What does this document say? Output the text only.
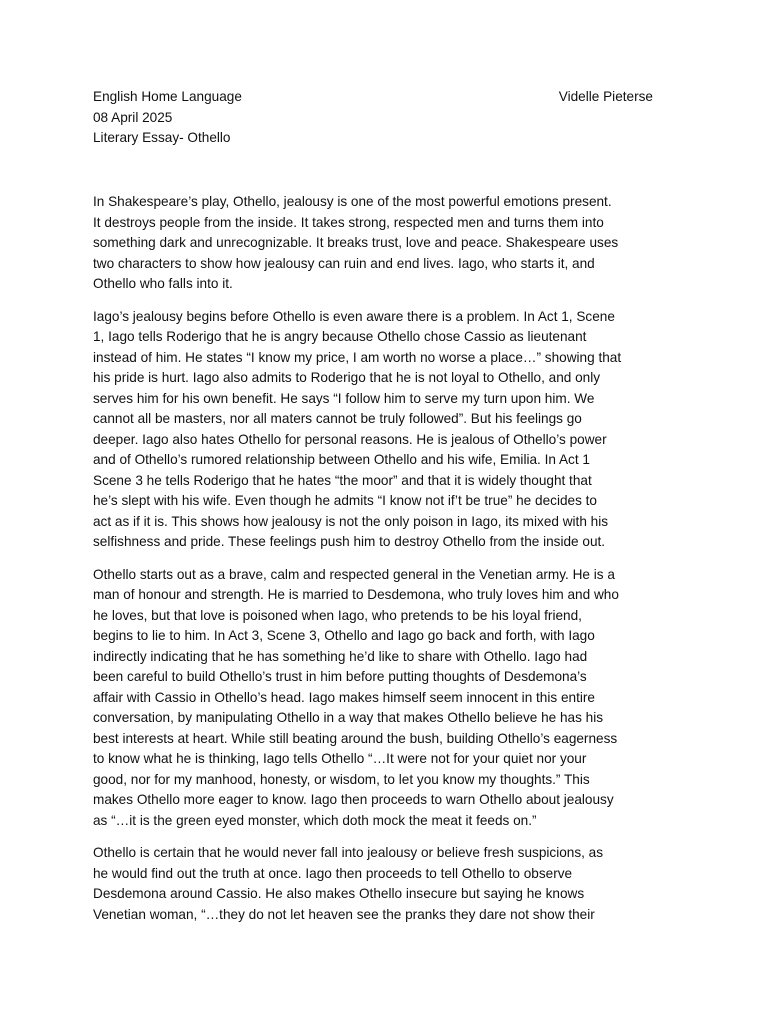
English Home Language	Videlle Pieterse
08 April 2025
Literary Essay- Othello
In Shakespeare’s play, Othello, jealousy is one of the most powerful emotions present.
It destroys people from the inside. It takes strong, respected men and turns them into
something dark and unrecognizable. It breaks trust, love and peace. Shakespeare uses
two characters to show how jealousy can ruin and end lives. Iago, who starts it, and
Othello who falls into it.
Iago’s jealousy begins before Othello is even aware there is a problem. In Act 1, Scene
1, Iago tells Roderigo that he is angry because Othello chose Cassio as lieutenant
instead of him. He states “I know my price, I am worth no worse a place…” showing that
his pride is hurt. Iago also admits to Roderigo that he is not loyal to Othello, and only
serves him for his own benefit. He says “I follow him to serve my turn upon him. We
cannot all be masters, nor all maters cannot be truly followed”. But his feelings go
deeper. Iago also hates Othello for personal reasons. He is jealous of Othello’s power
and of Othello’s rumored relationship between Othello and his wife, Emilia. In Act 1
Scene 3 he tells Roderigo that he hates “the moor” and that it is widely thought that
he’s slept with his wife. Even though he admits “I know not if’t be true” he decides to
act as if it is. This shows how jealousy is not the only poison in Iago, its mixed with his
selfishness and pride. These feelings push him to destroy Othello from the inside out.
Othello starts out as a brave, calm and respected general in the Venetian army. He is a
man of honour and strength. He is married to Desdemona, who truly loves him and who
he loves, but that love is poisoned when Iago, who pretends to be his loyal friend,
begins to lie to him. In Act 3, Scene 3, Othello and Iago go back and forth, with Iago
indirectly indicating that he has something he’d like to share with Othello. Iago had
been careful to build Othello’s trust in him before putting thoughts of Desdemona’s
affair with Cassio in Othello’s head. Iago makes himself seem innocent in this entire
conversation, by manipulating Othello in a way that makes Othello believe he has his
best interests at heart. While still beating around the bush, building Othello’s eagerness
to know what he is thinking, Iago tells Othello “…It were not for your quiet nor your
good, nor for my manhood, honesty, or wisdom, to let you know my thoughts.” This
makes Othello more eager to know. Iago then proceeds to warn Othello about jealousy
as “…it is the green eyed monster, which doth mock the meat it feeds on.”
Othello is certain that he would never fall into jealousy or believe fresh suspicions, as
he would find out the truth at once. Iago then proceeds to tell Othello to observe
Desdemona around Cassio. He also makes Othello insecure but saying he knows
Venetian woman, “…they do not let heaven see the pranks they dare not show their
